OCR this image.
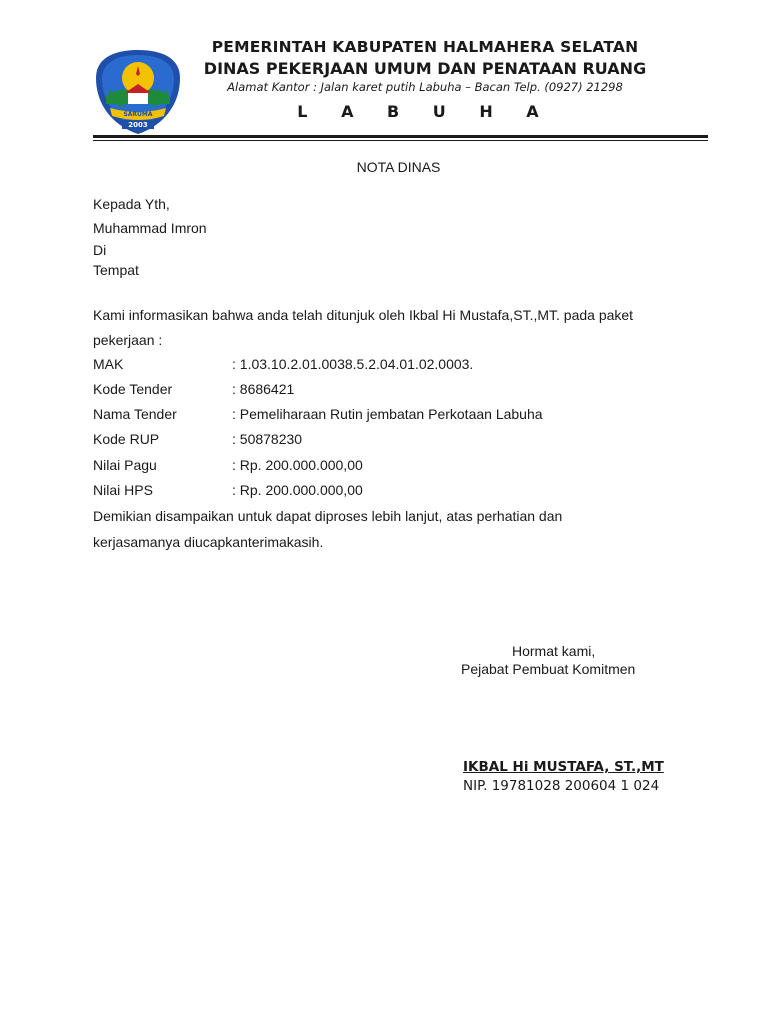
SARUMA
2003
PEMERINTAH KABUPATEN HALMAHERA SELATAN
DINAS PEKERJAAN UMUM DAN PENATAAN RUANG
Alamat Kantor : Jalan karet putih Labuha – Bacan Telp. (0927) 21298
L A B U H A
NOTA DINAS
Kepada Yth,
Muhammad Imron
Di
Tempat
Kami informasikan bahwa anda telah ditunjuk oleh Ikbal Hi Mustafa,ST.,MT. pada paket
pekerjaan :
MAK	: 1.03.10.2.01.0038.5.2.04.01.02.0003.
Kode Tender	: 8686421
Nama Tender	: Pemeliharaan Rutin jembatan Perkotaan Labuha
Kode RUP	: 50878230
Nilai Pagu	: Rp. 200.000.000,00
Nilai HPS	: Rp. 200.000.000,00
Demikian disampaikan untuk dapat diproses lebih lanjut, atas perhatian dan
kerjasamanya diucapkanterimakasih.
Hormat kami,
Pejabat Pembuat Komitmen
IKBAL Hi MUSTAFA, ST.,MT
NIP. 19781028 200604 1 024
